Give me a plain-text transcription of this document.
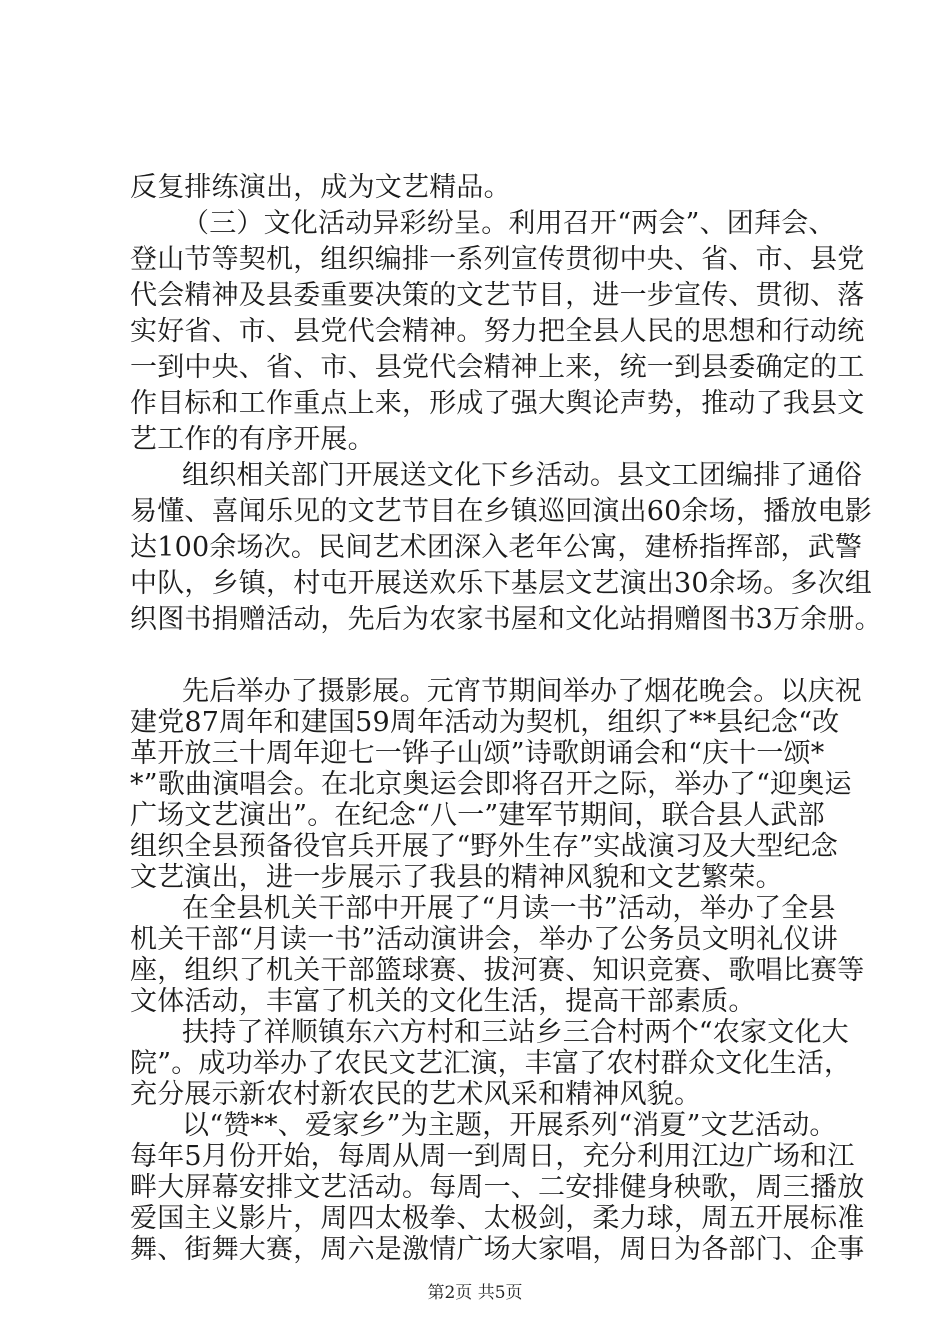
反复排练演出，成为文艺精品。
（三）文化活动异彩纷呈。利用召开“两会”、团拜会、
登山节等契机，组织编排一系列宣传贯彻中央、省、市、县党
代会精神及县委重要决策的文艺节目，进一步宣传、贯彻、落
实好省、市、县党代会精神。努力把全县人民的思想和行动统
一到中央、省、市、县党代会精神上来，统一到县委确定的工
作目标和工作重点上来，形成了强大舆论声势，推动了我县文
艺工作的有序开展。
组织相关部门开展送文化下乡活动。县文工团编排了通俗
易懂、喜闻乐见的文艺节目在乡镇巡回演出60余场，播放电影
达100余场次。民间艺术团深入老年公寓，建桥指挥部，武警
中队，乡镇，村屯开展送欢乐下基层文艺演出30余场。多次组
织图书捐赠活动，先后为农家书屋和文化站捐赠图书3万余册。
先后举办了摄影展。元宵节期间举办了烟花晚会。以庆祝
建党87周年和建国59周年活动为契机，组织了**县纪念“改
革开放三十周年迎七一铧子山颂”诗歌朗诵会和“庆十一颂*
*”歌曲演唱会。在北京奥运会即将召开之际，举办了“迎奥运
广场文艺演出”。在纪念“八一”建军节期间，联合县人武部
组织全县预备役官兵开展了“野外生存”实战演习及大型纪念
文艺演出，进一步展示了我县的精神风貌和文艺繁荣。
在全县机关干部中开展了“月读一书”活动，举办了全县
机关干部“月读一书”活动演讲会，举办了公务员文明礼仪讲
座，组织了机关干部篮球赛、拔河赛、知识竞赛、歌唱比赛等
文体活动，丰富了机关的文化生活，提高干部素质。
扶持了祥顺镇东六方村和三站乡三合村两个“农家文化大
院”。成功举办了农民文艺汇演，丰富了农村群众文化生活，
充分展示新农村新农民的艺术风采和精神风貌。
以“赞**、爱家乡”为主题，开展系列“消夏”文艺活动。
每年5月份开始，每周从周一到周日，充分利用江边广场和江
畔大屏幕安排文艺活动。每周一、二安排健身秧歌，周三播放
爱国主义影片，周四太极拳、太极剑，柔力球，周五开展标准
舞、街舞大赛，周六是激情广场大家唱，周日为各部门、企事
第2页 共5页
